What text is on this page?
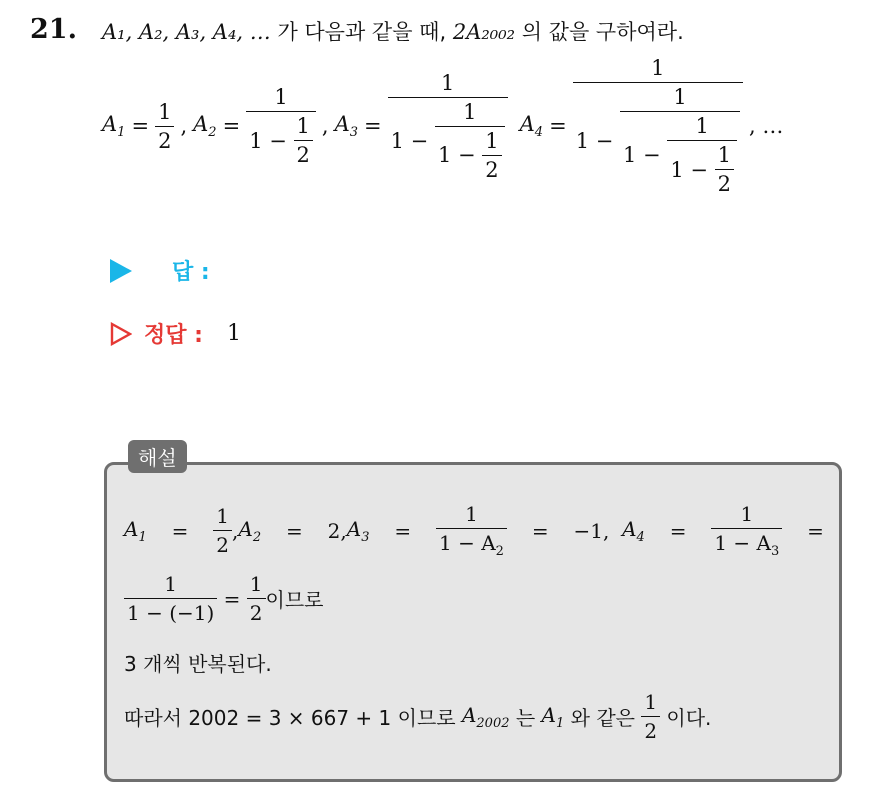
21. A₁, A₂, A₃, A₄, … 가 다음과 같을 때, 2A₂₀₀₂ 의 값을 구하여라.
$A_1 = \frac{1}{2}$ , $A_2 = \frac{1}{1 - \frac{1}{2}}$ , $A_3 = \frac{1}{1 - \frac{1}{1 - \frac{1}{2}}} A_4 = \frac{1}{1 - \frac{1}{1 - \frac{1}{1 - \frac{1}{2}}}}$ , …
답 :
정답 : 1
해설
$A_1 = \frac{1}{2}$ , $A_2 = 2$ , $A_3 = \frac{1}{1 - A_2} = -1$ , $A_4 = \frac{1}{1 - A_3}$ =
$\frac{1}{1 - (-1)} = \frac{1}{2}$ 이므로
3 개씩 반복된다.
따라서 2002 = 3 × 667 + 1
이므로
$A_{2002}$
는
$A_1$
와 같은
$\frac{1}{2}$
이다.
